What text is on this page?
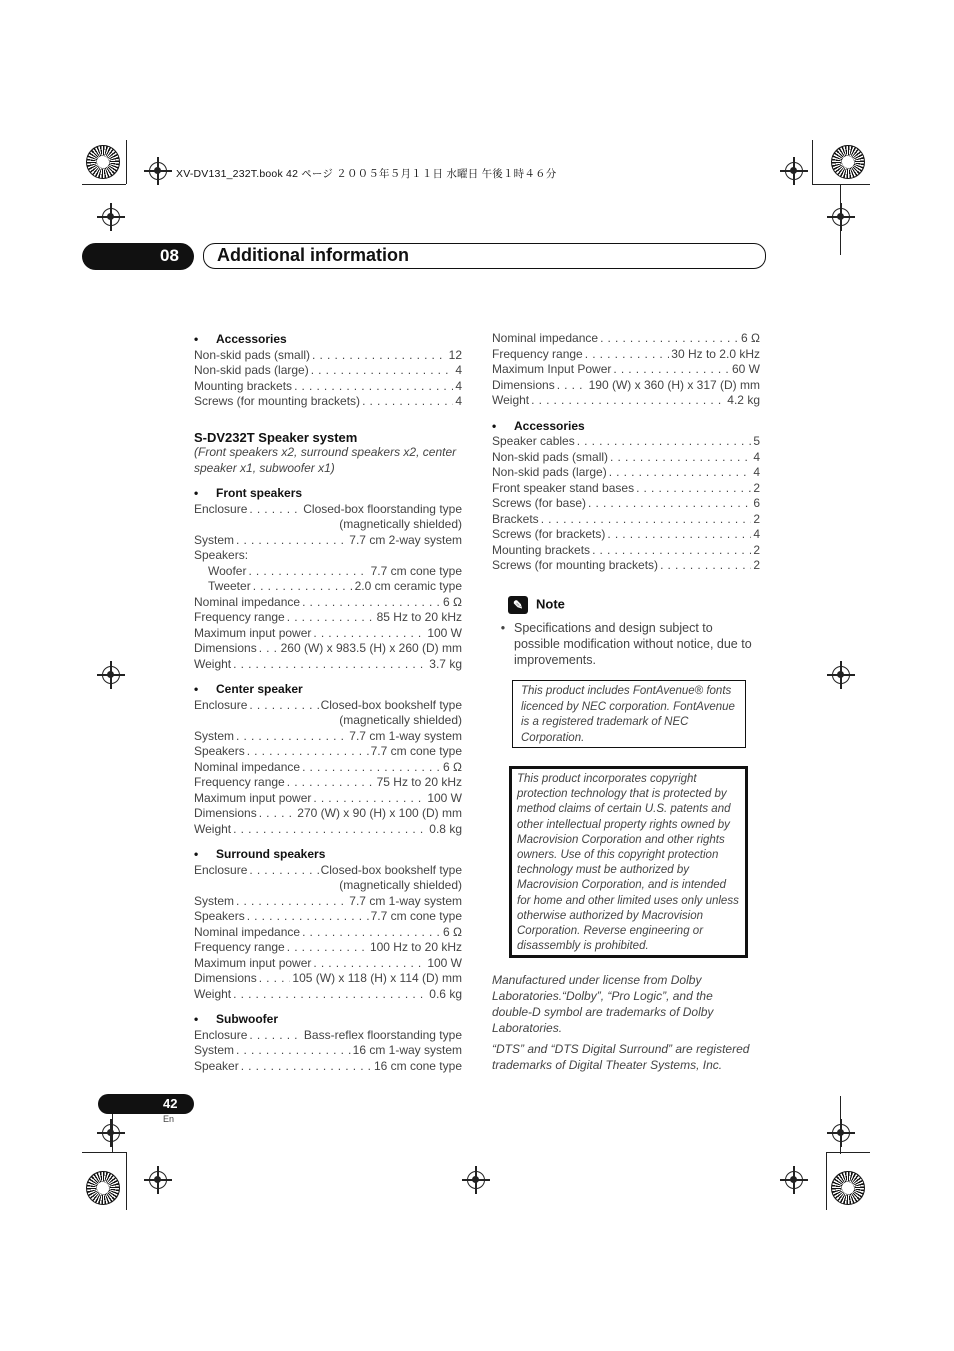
XV-DV131_232T.book 42 ページ ２００５年５月１１日 水曜日 午後１時４６分
08 Additional information
• Accessories
Non-skid pads (small) . . .	12
Non-skid pads (large) . . .	4
Mounting brackets . . .	4
Screws (for mounting brackets) . . .	4
S-DV232T Speaker system
(Front speakers x2, surround speakers x2, center speaker x1, subwoofer x1)
• Front speakers
Enclosure . . .	Closed-box floorstanding type
(magnetically shielded)
System . . .	7.7 cm 2-way system
Speakers:
Woofer . . .	7.7 cm cone type
Tweeter . . .	2.0 cm ceramic type
Nominal impedance . . .	6 Ω
Frequency range . . .	85 Hz to 20 kHz
Maximum input power . . .	100 W
Dimensions . . . 260 (W) x 983.5 (H) x 260 (D) mm
Weight . . .	3.7 kg
• Center speaker
Enclosure . . .	Closed-box bookshelf type
(magnetically shielded)
System . . .	7.7 cm 1-way system
Speakers . . .	7.7 cm cone type
Nominal impedance . . .	6 Ω
Frequency range . . .	75 Hz to 20 kHz
Maximum input power . . .	100 W
Dimensions . . .	270 (W) x 90 (H) x 100 (D) mm
Weight . . .	0.8 kg
• Surround speakers
Enclosure . . .	Closed-box bookshelf type
(magnetically shielded)
System . . .	7.7 cm 1-way system
Speakers . . .	7.7 cm cone type
Nominal impedance . . .	6 Ω
Frequency range . . .	100 Hz to 20 kHz
Maximum input power . . .	100 W
Dimensions . . .	105 (W) x 118 (H) x 114 (D) mm
Weight . . .	0.6 kg
• Subwoofer
Enclosure . . .	Bass-reflex floorstanding type
System . . .	16 cm 1-way system
Speaker . . .	16 cm cone type
Nominal impedance . . .	6 Ω
Frequency range . . .	30 Hz to 2.0 kHz
Maximum Input Power . . .	60 W
Dimensions . . .	190 (W) x 360 (H) x 317 (D) mm
Weight . . .	4.2 kg
• Accessories
Speaker cables . . .	5
Non-skid pads (small) . . .	4
Non-skid pads (large) . . .	4
Front speaker stand bases . . .	2
Screws (for base) . . .	6
Brackets . . .	2
Screws (for brackets) . . .	4
Mounting brackets . . .	2
Screws (for mounting brackets) . . .	2
✎ Note
• Specifications and design subject to possible modification without notice, due to improvements.
This product includes FontAvenue® fonts licenced by NEC corporation. FontAvenue is a registered trademark of NEC Corporation.
This product incorporates copyright protection technology that is protected by method claims of certain U.S. patents and other intellectual property rights owned by Macrovision Corporation and other rights owners. Use of this copyright protection technology must be authorized by Macrovision Corporation, and is intended for home and other limited uses only unless otherwise authorized by Macrovision Corporation. Reverse engineering or disassembly is prohibited.
Manufactured under license from Dolby Laboratories.“Dolby”, “Pro Logic”, and the double-D symbol are trademarks of Dolby Laboratories.
“DTS” and “DTS Digital Surround” are registered trademarks of Digital Theater Systems, Inc.
42
En
